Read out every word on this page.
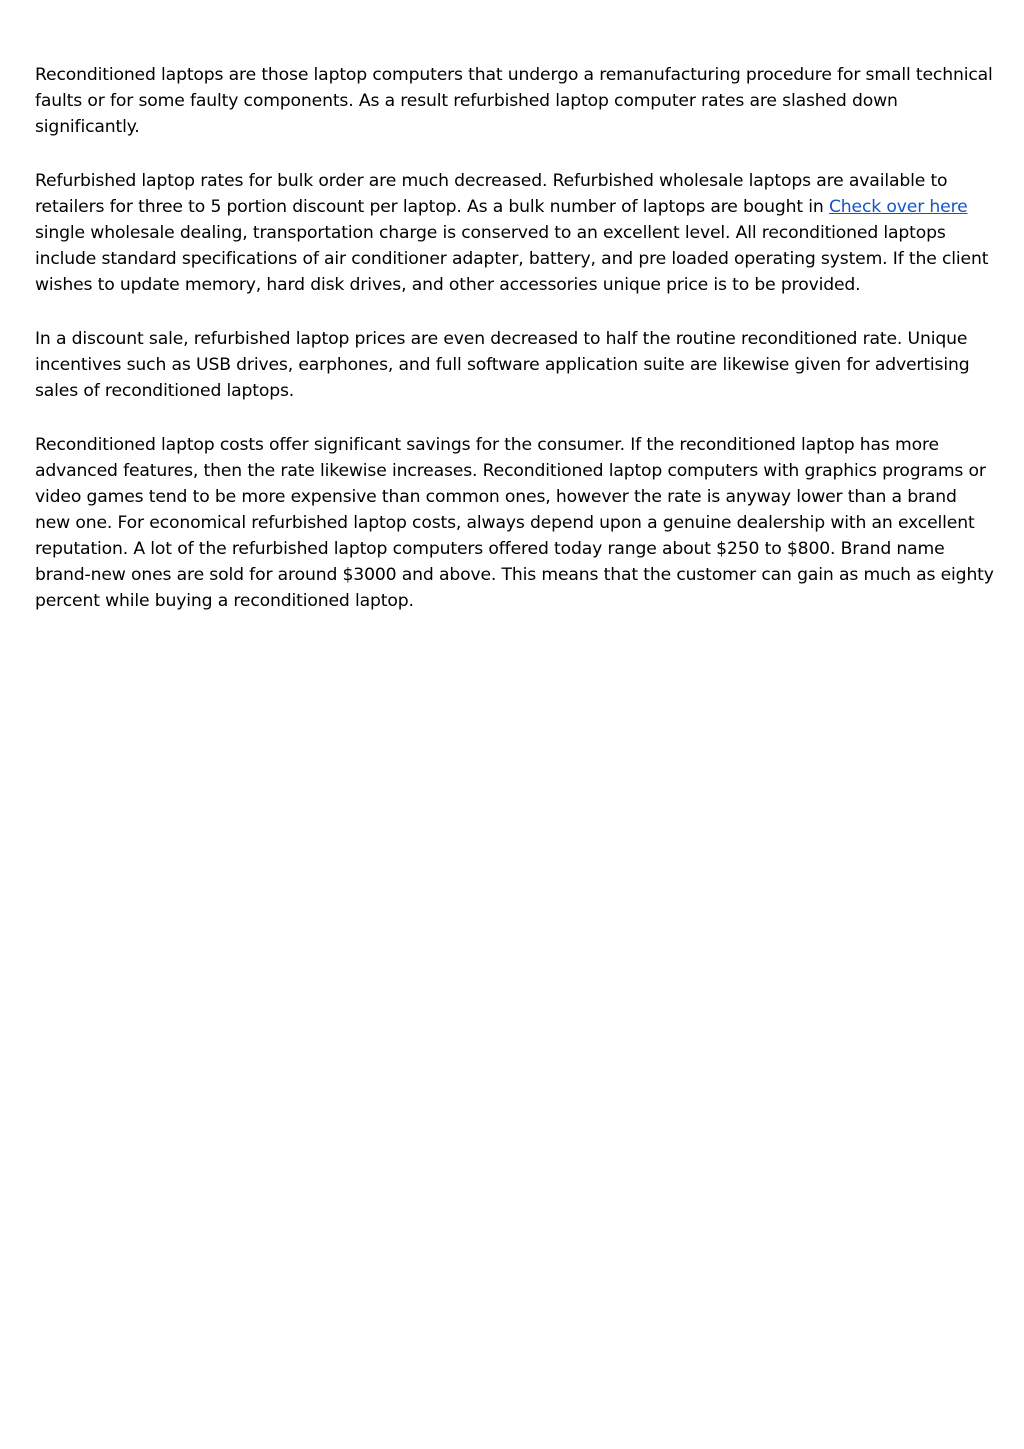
Reconditioned laptops are those laptop computers that undergo a remanufacturing procedure for small technical faults or for some faulty components. As a result refurbished laptop computer rates are slashed down significantly.

Refurbished laptop rates for bulk order are much decreased. Refurbished wholesale laptops are available to retailers for three to 5 portion discount per laptop. As a bulk number of laptops are bought in Check over here single wholesale dealing, transportation charge is conserved to an excellent level. All reconditioned laptops include standard specifications of air conditioner adapter, battery, and pre loaded operating system. If the client wishes to update memory, hard disk drives, and other accessories unique price is to be provided.

In a discount sale, refurbished laptop prices are even decreased to half the routine reconditioned rate. Unique incentives such as USB drives, earphones, and full software application suite are likewise given for advertising sales of reconditioned laptops.

Reconditioned laptop costs offer significant savings for the consumer. If the reconditioned laptop has more advanced features, then the rate likewise increases. Reconditioned laptop computers with graphics programs or video games tend to be more expensive than common ones, however the rate is anyway lower than a brand new one. For economical refurbished laptop costs, always depend upon a genuine dealership with an excellent reputation. A lot of the refurbished laptop computers offered today range about $250 to $800. Brand name brand-new ones are sold for around $3000 and above. This means that the customer can gain as much as eighty percent while buying a reconditioned laptop.
